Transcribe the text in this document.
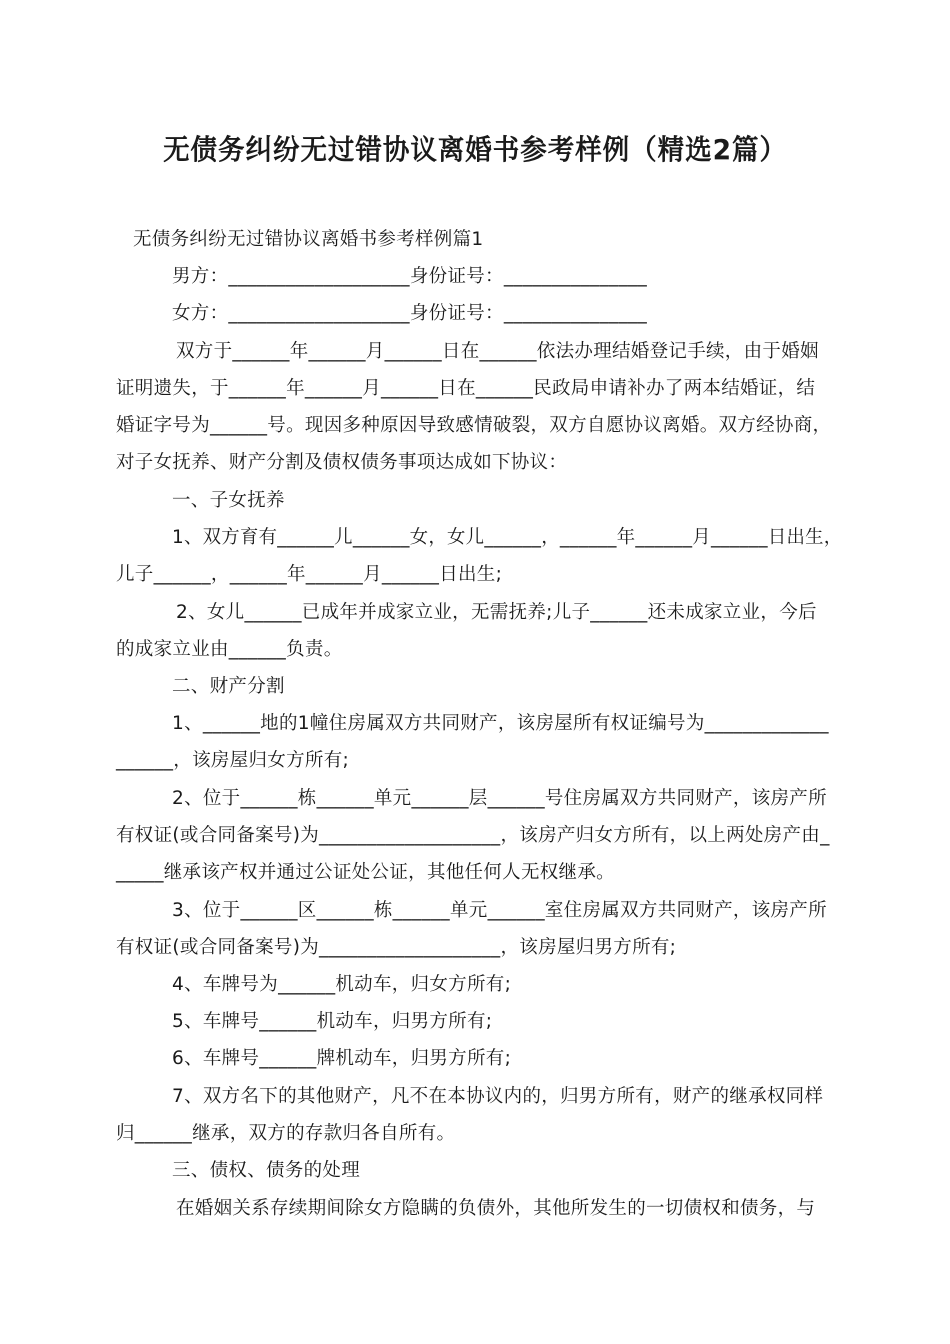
无债务纠纷无过错协议离婚书参考样例（精选2篇）
无债务纠纷无过错协议离婚书参考样例篇1
男方：___________________身份证号：_______________
女方：___________________身份证号：_______________
双方于______年______月______日在______依法办理结婚登记手续，由于婚姻
证明遗失，于______年______月______日在______民政局申请补办了两本结婚证，结
婚证字号为______号。现因多种原因导致感情破裂，双方自愿协议离婚。双方经协商，
对子女抚养、财产分割及债权债务事项达成如下协议：
一、子女抚养
1、双方育有______儿______女，女儿______，______年______月______日出生，
儿子______，______年______月______日出生;
2、女儿______已成年并成家立业，无需抚养;儿子______还未成家立业，今后
的成家立业由______负责。
二、财产分割
1、______地的1幢住房属双方共同财产，该房屋所有权证编号为_____________
______，该房屋归女方所有;
2、位于______栋______单元______层______号住房属双方共同财产，该房产所
有权证(或合同备案号)为___________________，该房产归女方所有，以上两处房产由_
_____继承该产权并通过公证处公证，其他任何人无权继承。
3、位于______区______栋______单元______室住房属双方共同财产，该房产所
有权证(或合同备案号)为___________________，该房屋归男方所有;
4、车牌号为______机动车，归女方所有;
5、车牌号______机动车，归男方所有;
6、车牌号______牌机动车，归男方所有;
7、双方名下的其他财产，凡不在本协议内的，归男方所有，财产的继承权同样
归______继承，双方的存款归各自所有。
三、债权、债务的处理
在婚姻关系存续期间除女方隐瞒的负债外，其他所发生的一切债权和债务，与
